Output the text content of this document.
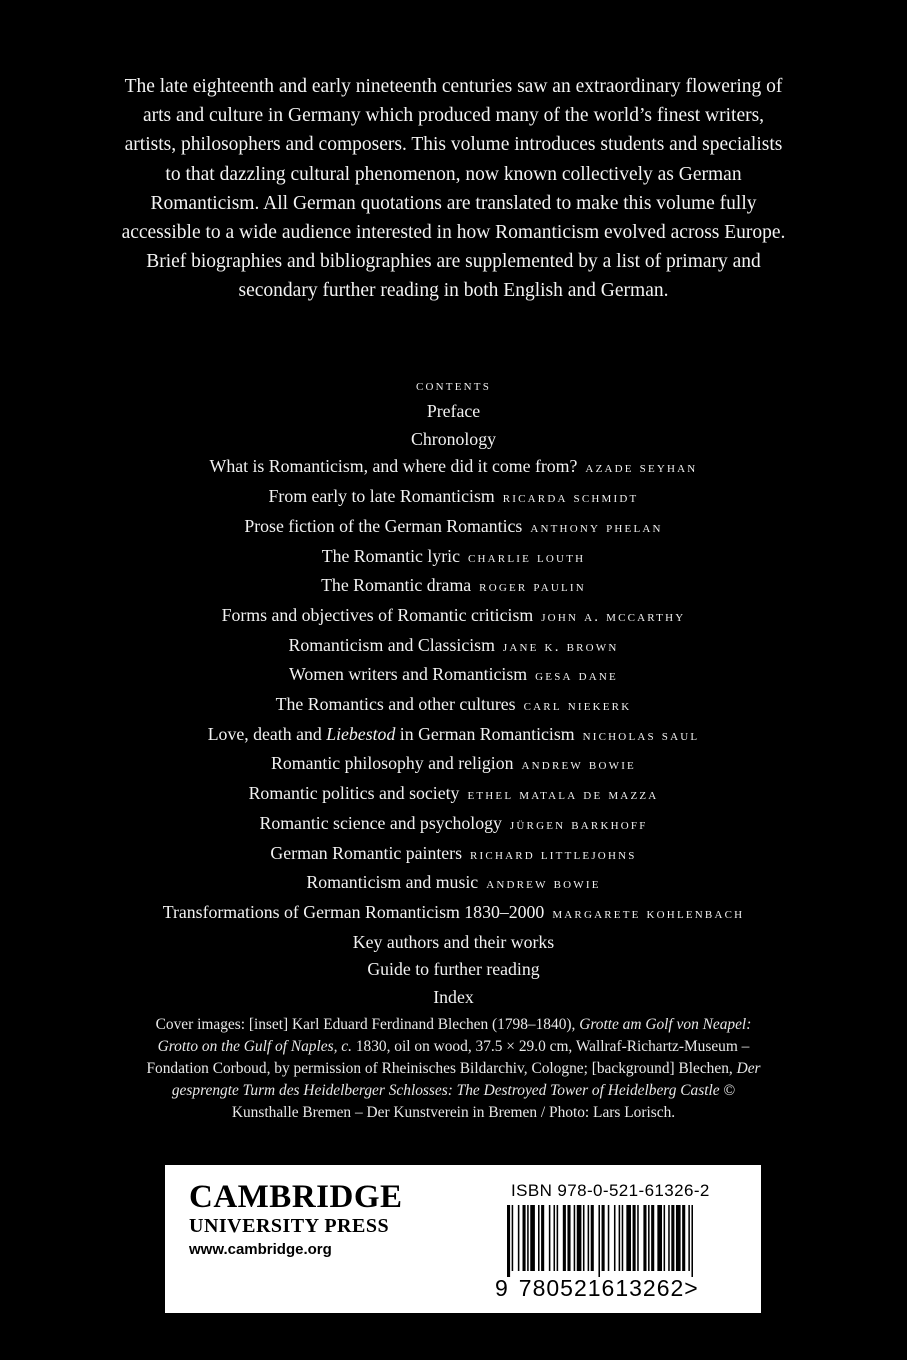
The late eighteenth and early nineteenth centuries saw an extraordinary flowering of arts and culture in Germany which produced many of the world’s finest writers, artists, philosophers and composers. This volume introduces students and specialists to that dazzling cultural phenomenon, now known collectively as German Romanticism. All German quotations are translated to make this volume fully accessible to a wide audience interested in how Romanticism evolved across Europe. Brief biographies and bibliographies are supplemented by a list of primary and secondary further reading in both English and German.
CONTENTS
Preface
Chronology
What is Romanticism, and where did it come from? azade seyhan
From early to late Romanticism ricarda schmidt
Prose fiction of the German Romantics anthony phelan
The Romantic lyric charlie louth
The Romantic drama roger paulin
Forms and objectives of Romantic criticism john a. mccarthy
Romanticism and Classicism jane k. brown
Women writers and Romanticism gesa dane
The Romantics and other cultures carl niekerk
Love, death and Liebestod in German Romanticism nicholas saul
Romantic philosophy and religion andrew bowie
Romantic politics and society ethel matala de mazza
Romantic science and psychology jürgen barkhoff
German Romantic painters richard littlejohns
Romanticism and music andrew bowie
Transformations of German Romanticism 1830–2000 margarete kohlenbach
Key authors and their works
Guide to further reading
Index
Cover images: [inset] Karl Eduard Ferdinand Blechen (1798–1840), Grotte am Golf von Neapel: Grotto on the Gulf of Naples, c. 1830, oil on wood, 37.5 × 29.0 cm, Wallraf-Richartz-Museum – Fondation Corboud, by permission of Rheinisches Bildarchiv, Cologne; [background] Blechen, Der gesprengte Turm des Heidelberger Schlosses: The Destroyed Tower of Heidelberg Castle © Kunsthalle Bremen – Der Kunstverein in Bremen / Photo: Lars Lorisch.
CAMBRIDGE
UNIVERSITY PRESS
www.cambridge.org
ISBN 978-0-521-61326-2
9 780521613262>
